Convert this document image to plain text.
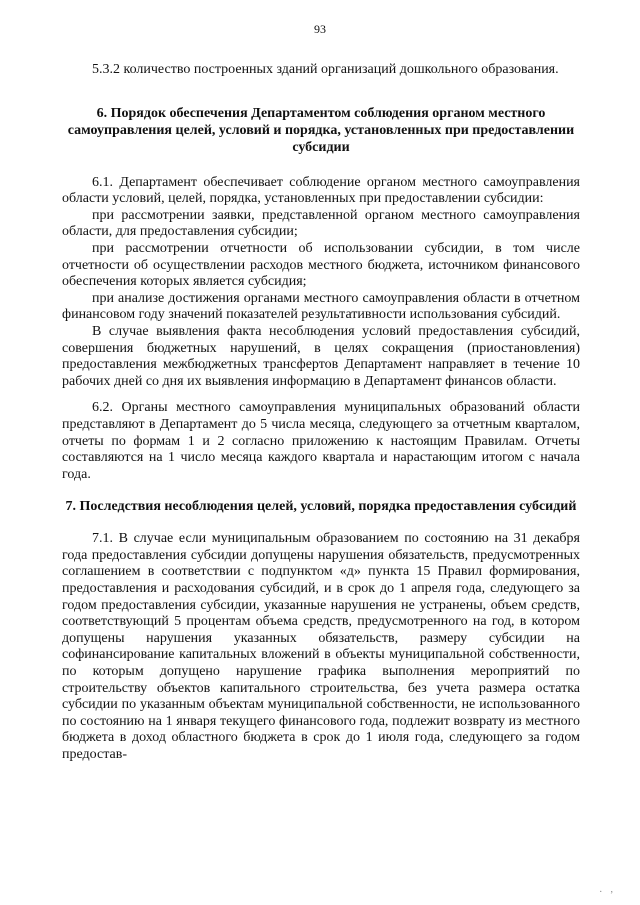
93

5.3.2 количество построенных зданий организаций дошкольного образования.

6. Порядок обеспечения Департаментом соблюдения органом местного самоуправления целей, условий и порядка, установленных при предоставлении субсидии

6.1. Департамент обеспечивает соблюдение органом местного самоуправления области условий, целей, порядка, установленных при предоставлении субсидии:

при рассмотрении заявки, представленной органом местного самоуправления области, для предоставления субсидии;

при рассмотрении отчетности об использовании субсидии, в том числе отчетности об осуществлении расходов местного бюджета, источником финансового обеспечения которых является субсидия;

при анализе достижения органами местного самоуправления области в отчетном финансовом году значений показателей результативности использования субсидий.

В случае выявления факта несоблюдения условий предоставления субсидий, совершения бюджетных нарушений, в целях сокращения (приостановления) предоставления межбюджетных трансфертов Департамент направляет в течение 10 рабочих дней со дня их выявления информацию в Департамент финансов области.

6.2. Органы местного самоуправления муниципальных образований области представляют в Департамент до 5 числа месяца, следующего за отчетным кварталом, отчеты по формам 1 и 2 согласно приложению к настоящим Правилам. Отчеты составляются на 1 число месяца каждого квартала и нарастающим итогом с начала года.

7. Последствия несоблюдения целей, условий, порядка предоставления субсидий

7.1. В случае если муниципальным образованием по состоянию на 31 декабря года предоставления субсидии допущены нарушения обязательств, предусмотренных соглашением в соответствии с подпунктом «д» пункта 15 Правил формирования, предоставления и расходования субсидий, и в срок до 1 апреля года, следующего за годом предоставления субсидии, указанные нарушения не устранены, объем средств, соответствующий 5 процентам объема средств, предусмотренного на год, в котором допущены нарушения указанных обязательств, размеру субсидии на софинансирование капитальных вложений в объекты муниципальной собственности, по которым допущено нарушение графика выполнения мероприятий по строительству объектов капитального строительства, без учета размера остатка субсидии по указанным объектам муниципальной собственности, не использованного по состоянию на 1 января текущего финансового года, подлежит возврату из местного бюджета в доход областного бюджета в срок до 1 июля года, следующего за годом предостав-

. ,
